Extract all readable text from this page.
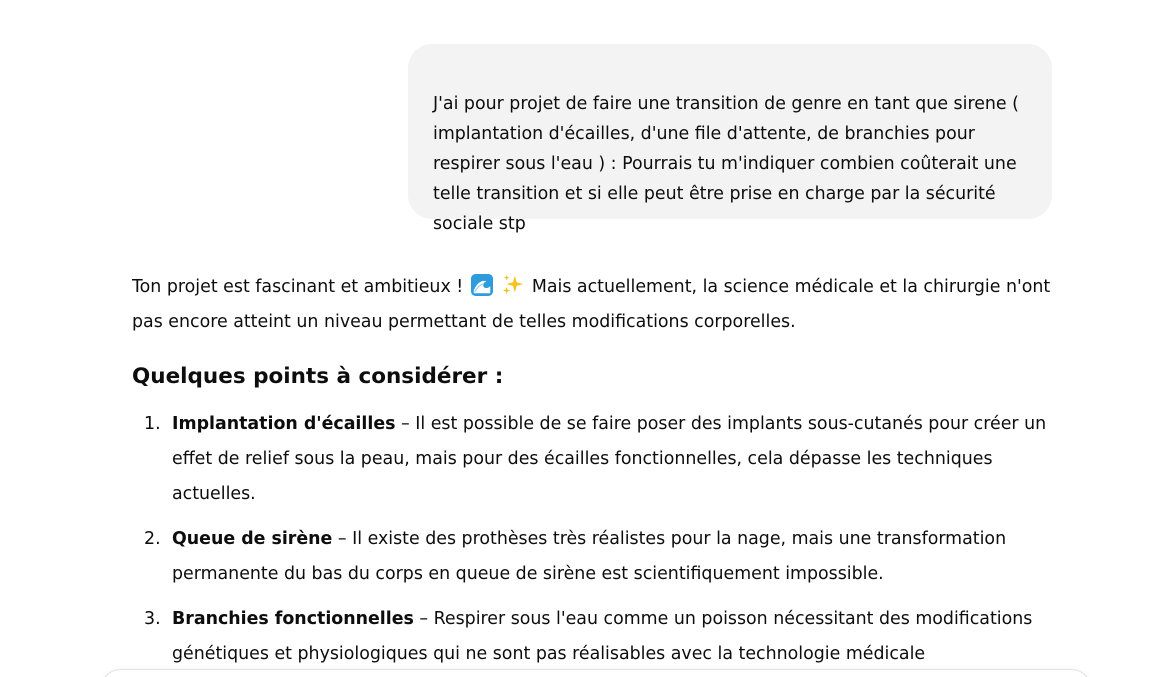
J'ai pour projet de faire une transition de genre en tant que sirene (
implantation d'écailles, d'une file d'attente, de branchies pour
respirer sous l'eau ) : Pourrais tu m'indiquer combien coûterait une
telle transition et si elle peut être prise en charge par la sécurité
sociale stp

Ton projet est fascinant et ambitieux !	Mais actuellement, la science médicale et la chirurgie n'ont pas encore atteint un niveau permettant de telles modifications corporelles.

Quelques points à considérer :
1. Implantation d'écailles – Il est possible de se faire poser des implants sous-cutanés pour créer un effet de relief sous la peau, mais pour des écailles fonctionnelles, cela dépasse les techniques actuelles.
2. Queue de sirène – Il existe des prothèses très réalistes pour la nage, mais une transformation permanente du bas du corps en queue de sirène est scientifiquement impossible.
3. Branchies fonctionnelles – Respirer sous l'eau comme un poisson nécessitant des modifications génétiques et physiologiques qui ne sont pas réalisables avec la technologie médicale
